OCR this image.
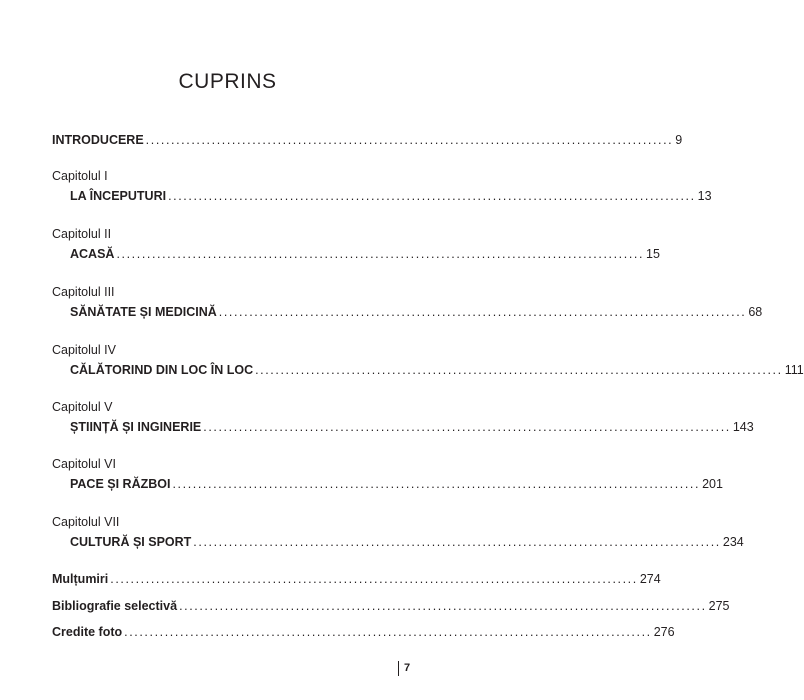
CUPRINS
INTRODUCERE ........................................................................................................ 9
Capitolul I
LA ÎNCEPUTURI ........................................................................................................ 13
Capitolul II
ACASĂ ........................................................................................................ 15
Capitolul III
SĂNĂTATE ȘI MEDICINĂ ........................................................................................................ 68
Capitolul IV
CĂLĂTORIND DIN LOC ÎN LOC ........................................................................................................ 111
Capitolul V
ȘTIINȚĂ ȘI INGINERIE ........................................................................................................ 143
Capitolul VI
PACE ȘI RĂZBOI ........................................................................................................ 201
Capitolul VII
CULTURĂ ȘI SPORT ........................................................................................................ 234
Mulțumiri ........................................................................................................ 274
Bibliografie selectivă ........................................................................................................ 275
Credite foto ........................................................................................................ 276
7
